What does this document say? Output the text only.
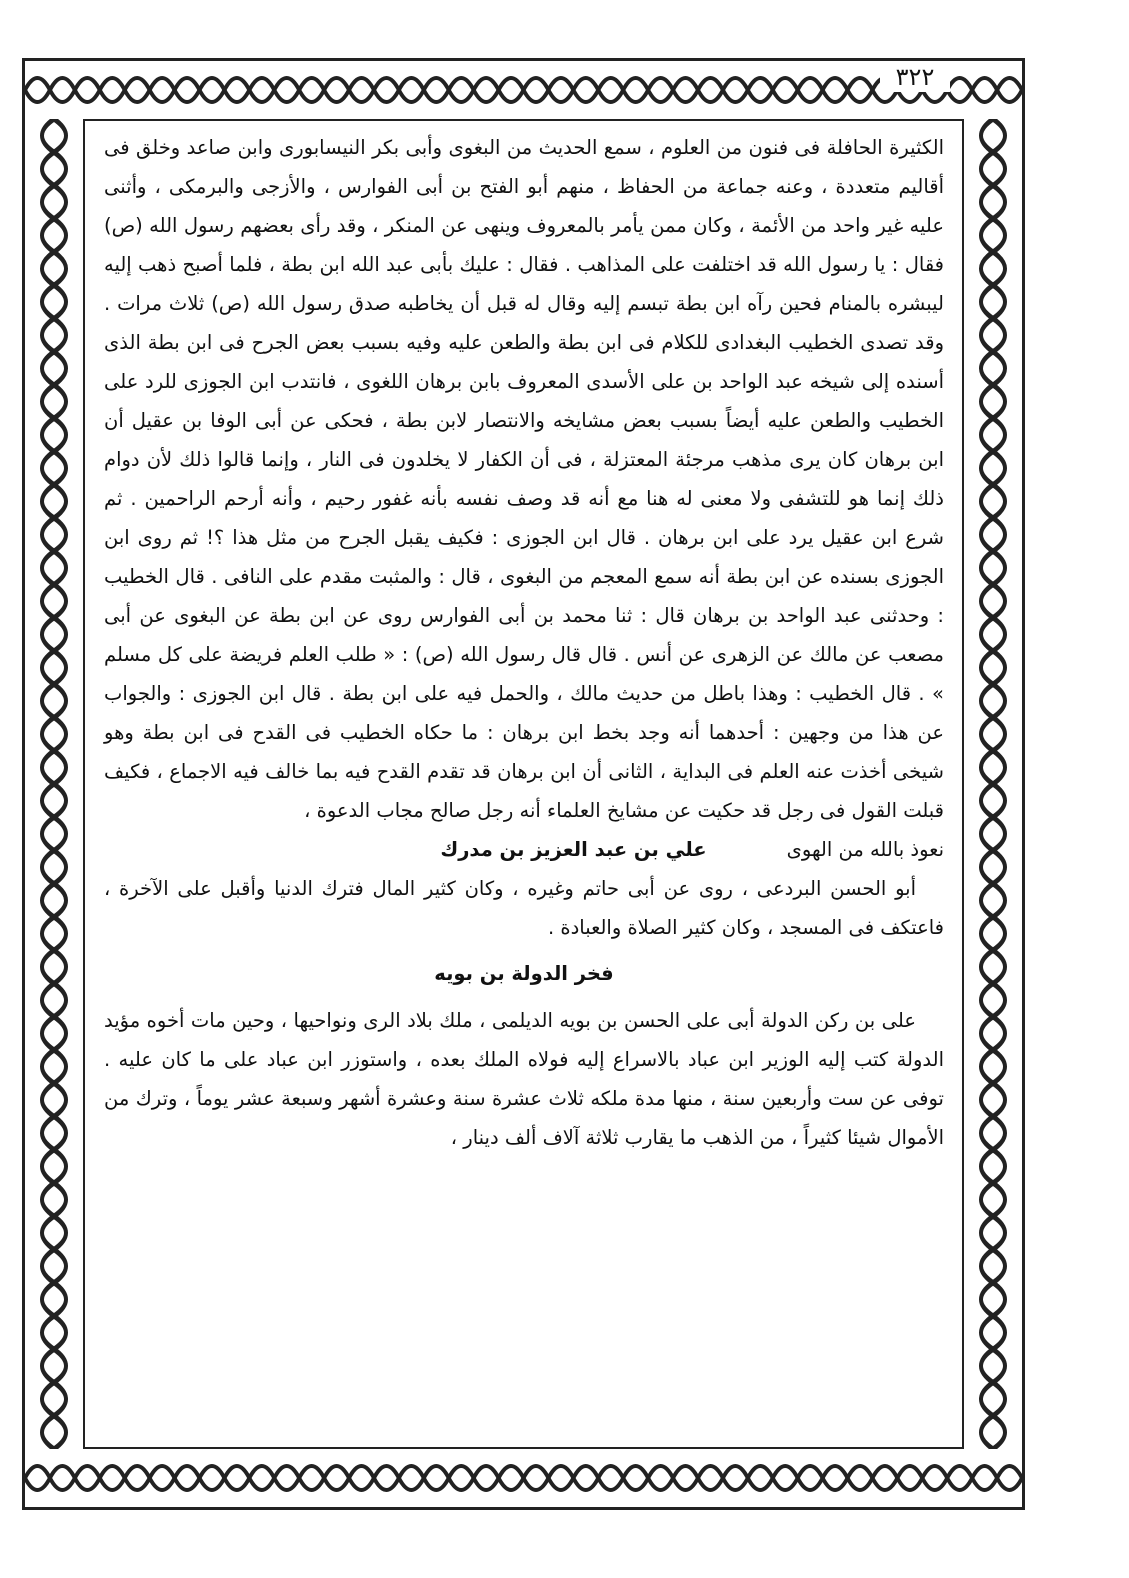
٣٢٢

الكثيرة الحافلة فى فنون من العلوم ، سمع الحديث من البغوى وأبى بكر النيسابورى وابن صاعد وخلق فى أقاليم متعددة ، وعنه جماعة من الحفاظ ، منهم أبو الفتح بن أبى الفوارس ، والأزجى والبرمكى ، وأثنى عليه غير واحد من الأئمة ، وكان ممن يأمر بالمعروف وينهى عن المنكر ، وقد رأى بعضهم رسول الله (ص) فقال : يا رسول الله قد اختلفت على المذاهب . فقال : عليك بأبى عبد الله ابن بطة ، فلما أصبح ذهب إليه ليبشره بالمنام فحين رآه ابن بطة تبسم إليه وقال له قبل أن يخاطبه صدق رسول الله (ص) ثلاث مرات . وقد تصدى الخطيب البغدادى للكلام فى ابن بطة والطعن عليه وفيه بسبب بعض الجرح فى ابن بطة الذى أسنده إلى شيخه عبد الواحد بن على الأسدى المعروف بابن برهان اللغوى ، فانتدب ابن الجوزى للرد على الخطيب والطعن عليه أيضاً بسبب بعض مشايخه والانتصار لابن بطة ، فحكى عن أبى الوفا بن عقيل أن ابن برهان كان يرى مذهب مرجئة المعتزلة ، فى أن الكفار لا يخلدون فى النار ، وإنما قالوا ذلك لأن دوام ذلك إنما هو للتشفى ولا معنى له هنا مع أنه قد وصف نفسه بأنه غفور رحيم ، وأنه أرحم الراحمين . ثم شرع ابن عقيل يرد على ابن برهان . قال ابن الجوزى : فكيف يقبل الجرح من مثل هذا ؟! ثم روى ابن الجوزى بسنده عن ابن بطة أنه سمع المعجم من البغوى ، قال : والمثبت مقدم على النافى . قال الخطيب : وحدثنى عبد الواحد بن برهان قال : ثنا محمد بن أبى الفوارس روى عن ابن بطة عن البغوى عن أبى مصعب عن مالك عن الزهرى عن أنس . قال قال رسول الله (ص) : « طلب العلم فريضة على كل مسلم » . قال الخطيب : وهذا باطل من حديث مالك ، والحمل فيه على ابن بطة . قال ابن الجوزى : والجواب عن هذا من وجهين : أحدهما أنه وجد بخط ابن برهان : ما حكاه الخطيب فى القدح فى ابن بطة وهو شيخى أخذت عنه العلم فى البداية ، الثانى أن ابن برهان قد تقدم القدح فيه بما خالف فيه الاجماع ، فكيف قبلت القول فى رجل قد حكيت عن مشايخ العلماء أنه رجل صالح مجاب الدعوة ،

نعوذ بالله من الهوى
علي بن عبد العزيز بن مدرك

أبو الحسن البردعى ، روى عن أبى حاتم وغيره ، وكان كثير المال فترك الدنيا وأقبل على الآخرة ، فاعتكف فى المسجد ، وكان كثير الصلاة والعبادة .

فخر الدولة بن بويه

على بن ركن الدولة أبى على الحسن بن بويه الديلمى ، ملك بلاد الرى ونواحيها ، وحين مات أخوه مؤيد الدولة كتب إليه الوزير ابن عباد بالاسراع إليه فولاه الملك بعده ، واستوزر ابن عباد على ما كان عليه . توفى عن ست وأربعين سنة ، منها مدة ملكه ثلاث عشرة سنة وعشرة أشهر وسبعة عشر يوماً ، وترك من الأموال شيئا كثيراً ، من الذهب ما يقارب ثلاثة آلاف ألف دينار ،
